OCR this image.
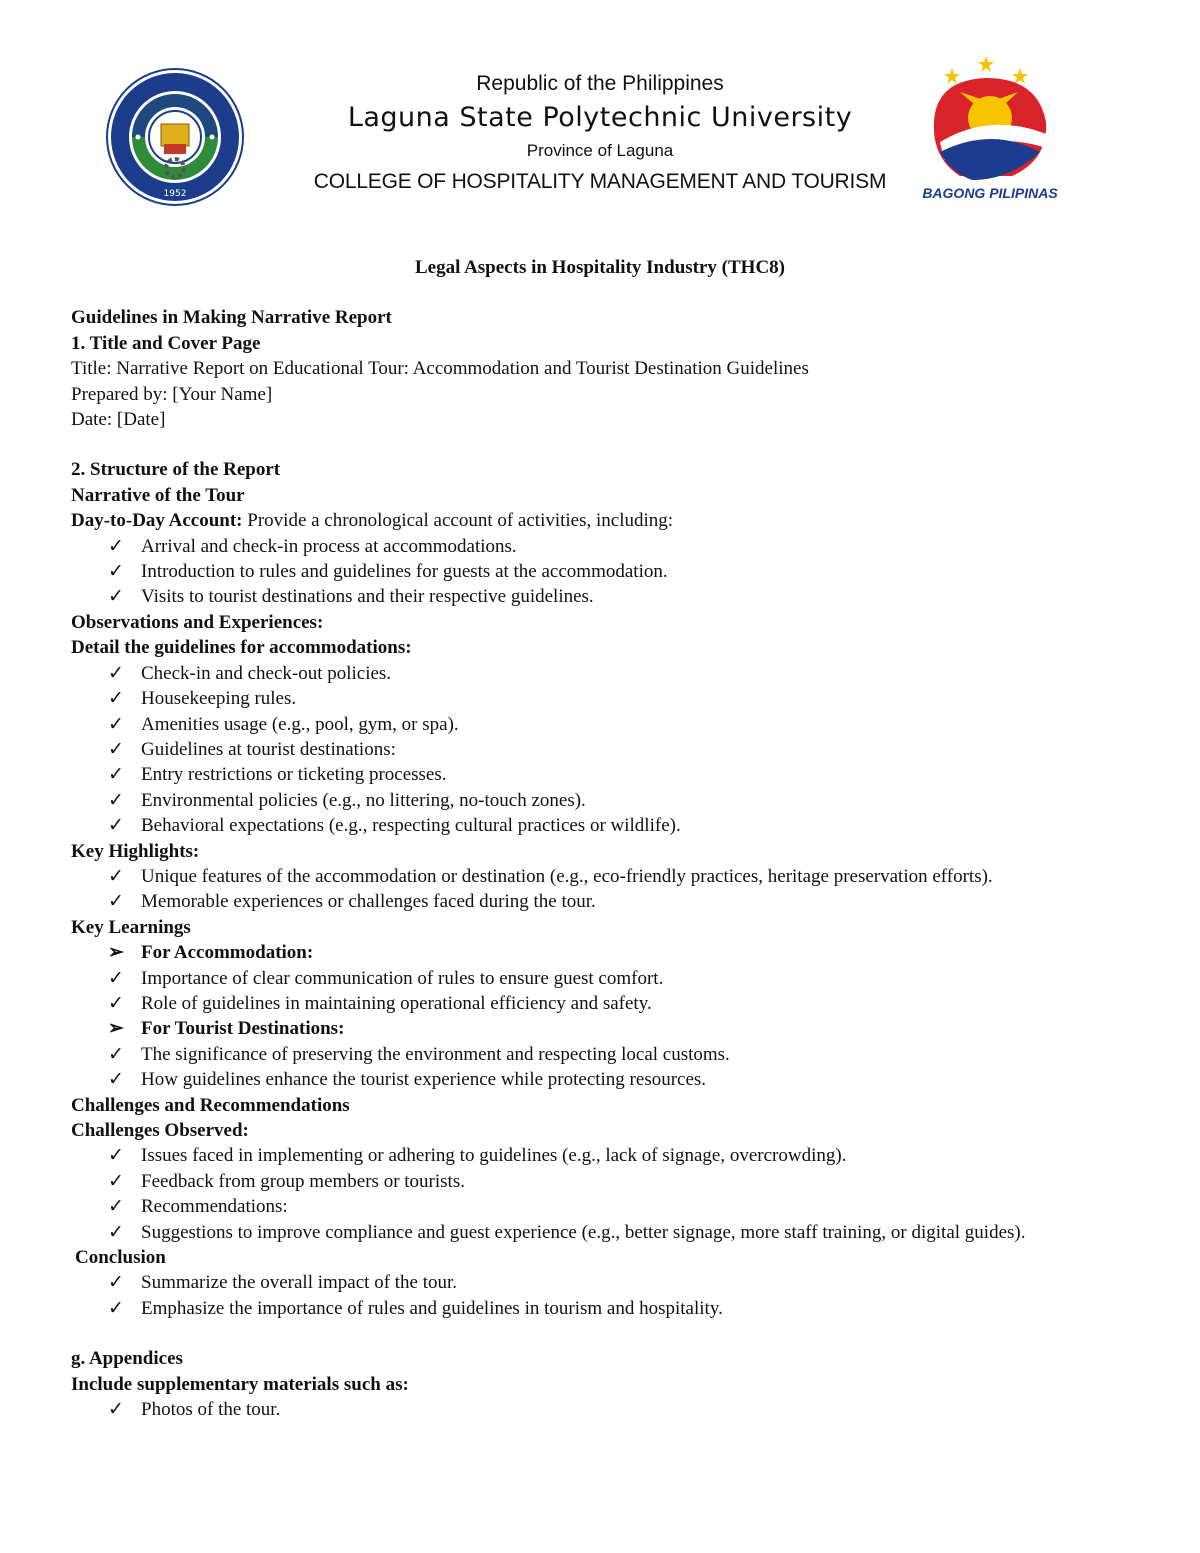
1952
Republic of the Philippines
Laguna State Polytechnic University
Province of Laguna
COLLEGE OF HOSPITALITY MANAGEMENT AND TOURISM	BAGONG PILIPINAS
Legal Aspects in Hospitality Industry (THC8)
Guidelines in Making Narrative Report
1. Title and Cover Page
Title: Narrative Report on Educational Tour: Accommodation and Tourist Destination Guidelines
Prepared by: [Your Name]
Date: [Date]
2. Structure of the Report
Narrative of the Tour
Day-to-Day Account: Provide a chronological account of activities, including:
✓ Arrival and check-in process at accommodations.
✓ Introduction to rules and guidelines for guests at the accommodation.
✓ Visits to tourist destinations and their respective guidelines.
Observations and Experiences:
Detail the guidelines for accommodations:
✓ Check-in and check-out policies.
✓ Housekeeping rules.
✓ Amenities usage (e.g., pool, gym, or spa).
✓ Guidelines at tourist destinations:
✓ Entry restrictions or ticketing processes.
✓ Environmental policies (e.g., no littering, no-touch zones).
✓ Behavioral expectations (e.g., respecting cultural practices or wildlife).
Key Highlights:
✓ Unique features of the accommodation or destination (e.g., eco-friendly practices, heritage preservation efforts).
✓ Memorable experiences or challenges faced during the tour.
Key Learnings
➢ For Accommodation:
✓ Importance of clear communication of rules to ensure guest comfort.
✓ Role of guidelines in maintaining operational efficiency and safety.
➢ For Tourist Destinations:
✓ The significance of preserving the environment and respecting local customs.
✓ How guidelines enhance the tourist experience while protecting resources.
Challenges and Recommendations
Challenges Observed:
✓ Issues faced in implementing or adhering to guidelines (e.g., lack of signage, overcrowding).
✓ Feedback from group members or tourists.
✓ Recommendations:
✓ Suggestions to improve compliance and guest experience (e.g., better signage, more staff training, or digital guides).
Conclusion
✓ Summarize the overall impact of the tour.
✓ Emphasize the importance of rules and guidelines in tourism and hospitality.
g. Appendices
Include supplementary materials such as:
✓ Photos of the tour.
